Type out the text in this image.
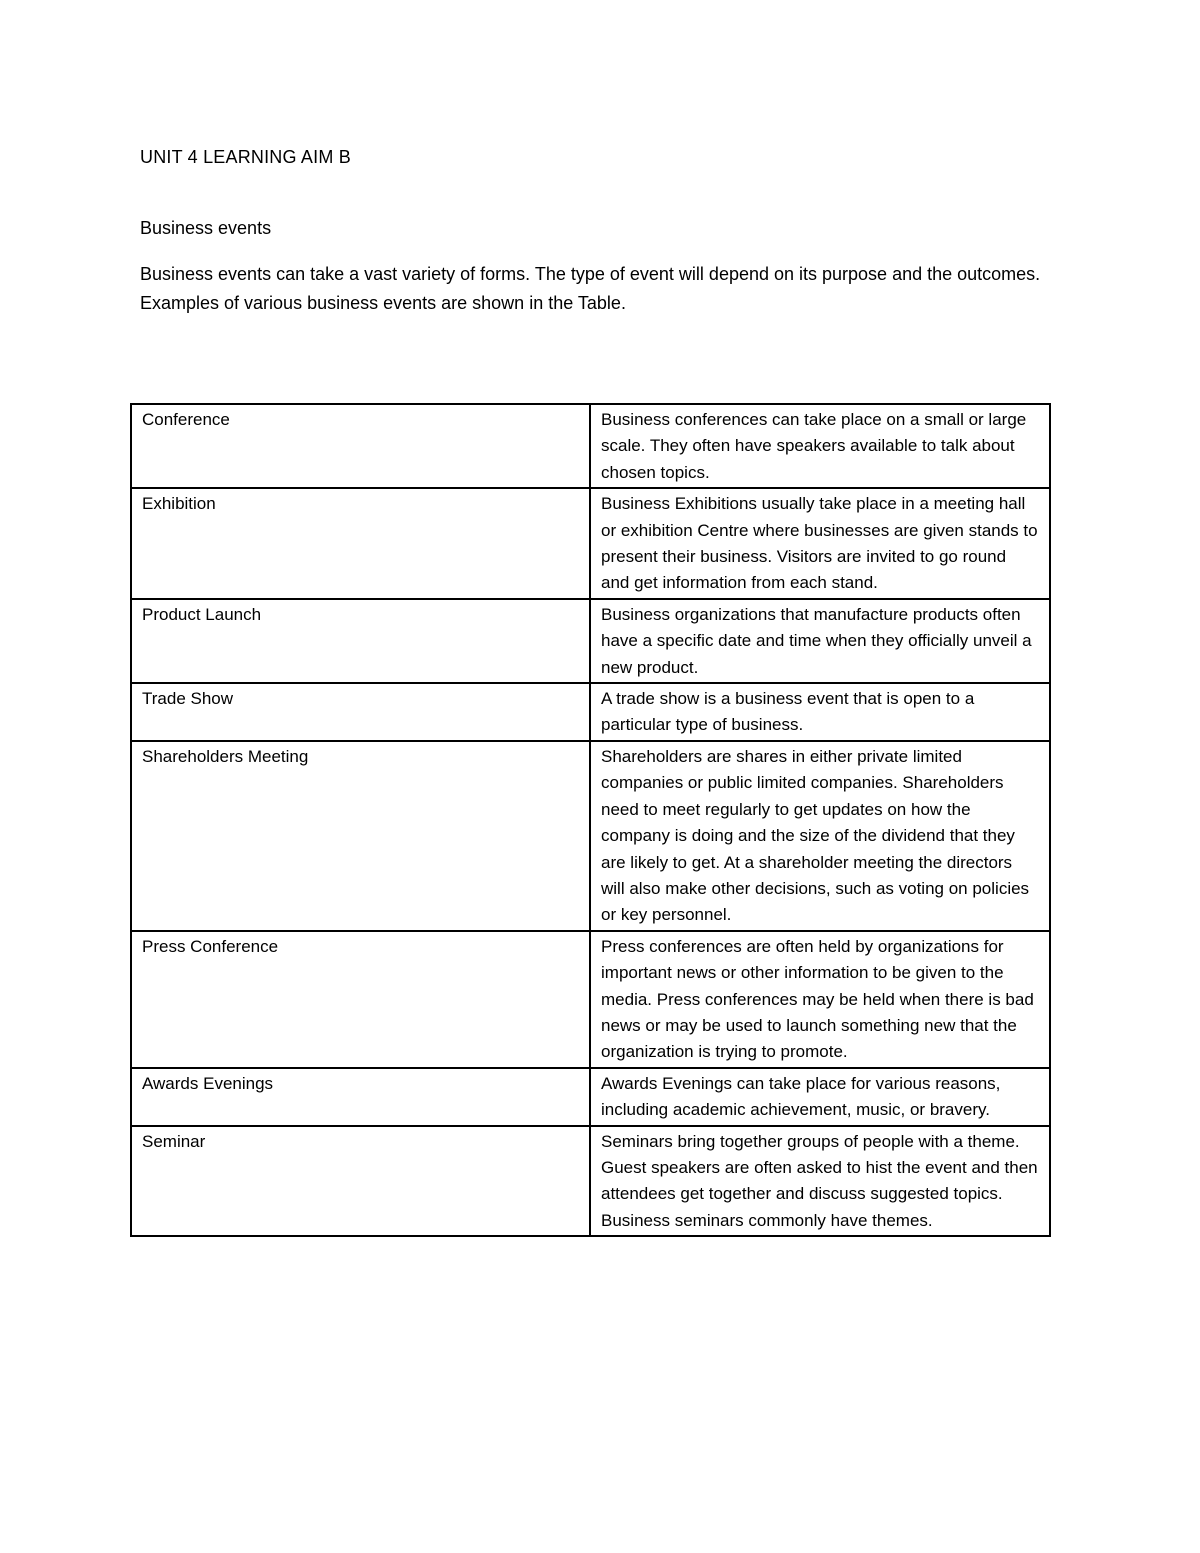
UNIT 4 LEARNING AIM B
Business events

Business events can take a vast variety of forms. The type of event will depend on its purpose and the outcomes. Examples of various business events are shown in the Table.

Conference	Business conferences can take place on a small or large scale. They often have speakers available to talk about chosen topics.
Exhibition	Business Exhibitions usually take place in a meeting hall or exhibition Centre where businesses are given stands to present their business. Visitors are invited to go round and get information from each stand.
Product Launch	Business organizations that manufacture products often have a specific date and time when they officially unveil a new product.
Trade Show	A trade show is a business event that is open to a particular type of business.
Shareholders Meeting	Shareholders are shares in either private limited companies or public limited companies. Shareholders need to meet regularly to get updates on how the company is doing and the size of the dividend that they are likely to get. At a shareholder meeting the directors will also make other decisions, such as voting on policies or key personnel.
Press Conference	Press conferences are often held by organizations for important news or other information to be given to the media. Press conferences may be held when there is bad news or may be used to launch something new that the organization is trying to promote.
Awards Evenings	Awards Evenings can take place for various reasons, including academic achievement, music, or bravery.
Seminar	Seminars bring together groups of people with a theme. Guest speakers are often asked to hist the event and then attendees get together and discuss suggested topics. Business seminars commonly have themes.
